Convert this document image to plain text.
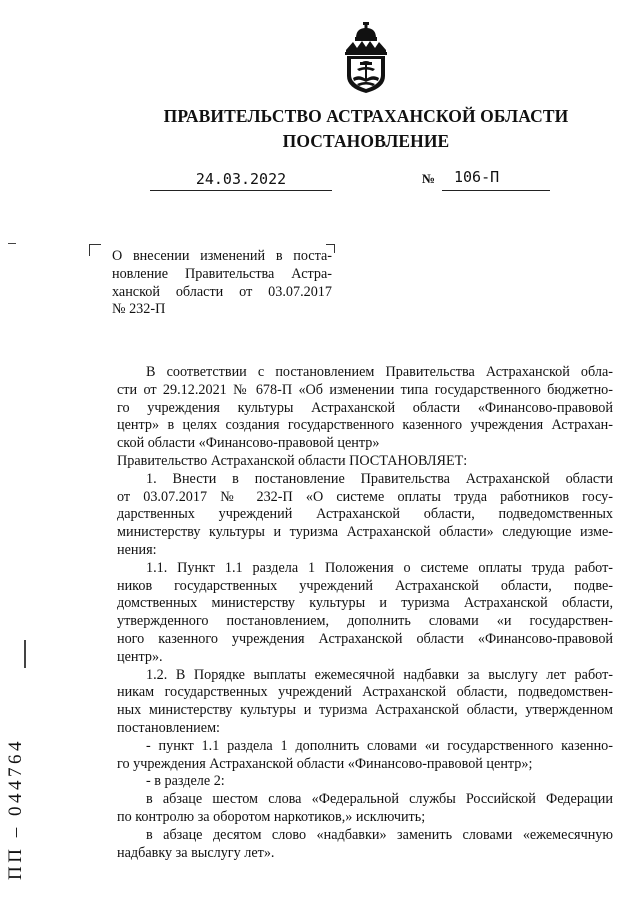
ПРАВИТЕЛЬСТВО АСТРАХАНСКОЙ ОБЛАСТИ
ПОСТАНОВЛЕНИЕ
24.03.2022	№ 106-П
О внесении изменений в поста-
новление Правительства Астра-
ханской области от 03.07.2017
№ 232-П
В соответствии с постановлением Правительства Астраханской обла-
сти от 29.12.2021 № 678-П «Об изменении типа государственного бюджетно-
го учреждения культуры Астраханской области «Финансово-правовой
центр» в целях создания государственного казенного учреждения Астрахан-
ской области «Финансово-правовой центр»
Правительство Астраханской области ПОСТАНОВЛЯЕТ:
1. Внести в постановление Правительства Астраханской области
от 03.07.2017 № 232-П «О системе оплаты труда работников госу-
дарственных учреждений Астраханской области, подведомственных
министерству культуры и туризма Астраханской области» следующие изме-
нения:
1.1. Пункт 1.1 раздела 1 Положения о системе оплаты труда работ-
ников государственных учреждений Астраханской области, подве-
домственных министерству культуры и туризма Астраханской области,
утвержденного постановлением, дополнить словами «и государствен-
ного казенного учреждения Астраханской области «Финансово-правовой
центр».
1.2. В Порядке выплаты ежемесячной надбавки за выслугу лет работ-
никам государственных учреждений Астраханской области, подведомствен-
ных министерству культуры и туризма Астраханской области, утвержденном
постановлением:
- пункт 1.1 раздела 1 дополнить словами «и государственного казенно-
го учреждения Астраханской области «Финансово-правовой центр»;
- в разделе 2:
в абзаце шестом слова «Федеральной службы Российской Федерации
по контролю за оборотом наркотиков,» исключить;
в абзаце десятом слово «надбавки» заменить словами «ежемесячную
надбавку за выслугу лет».
ПП – 044764
